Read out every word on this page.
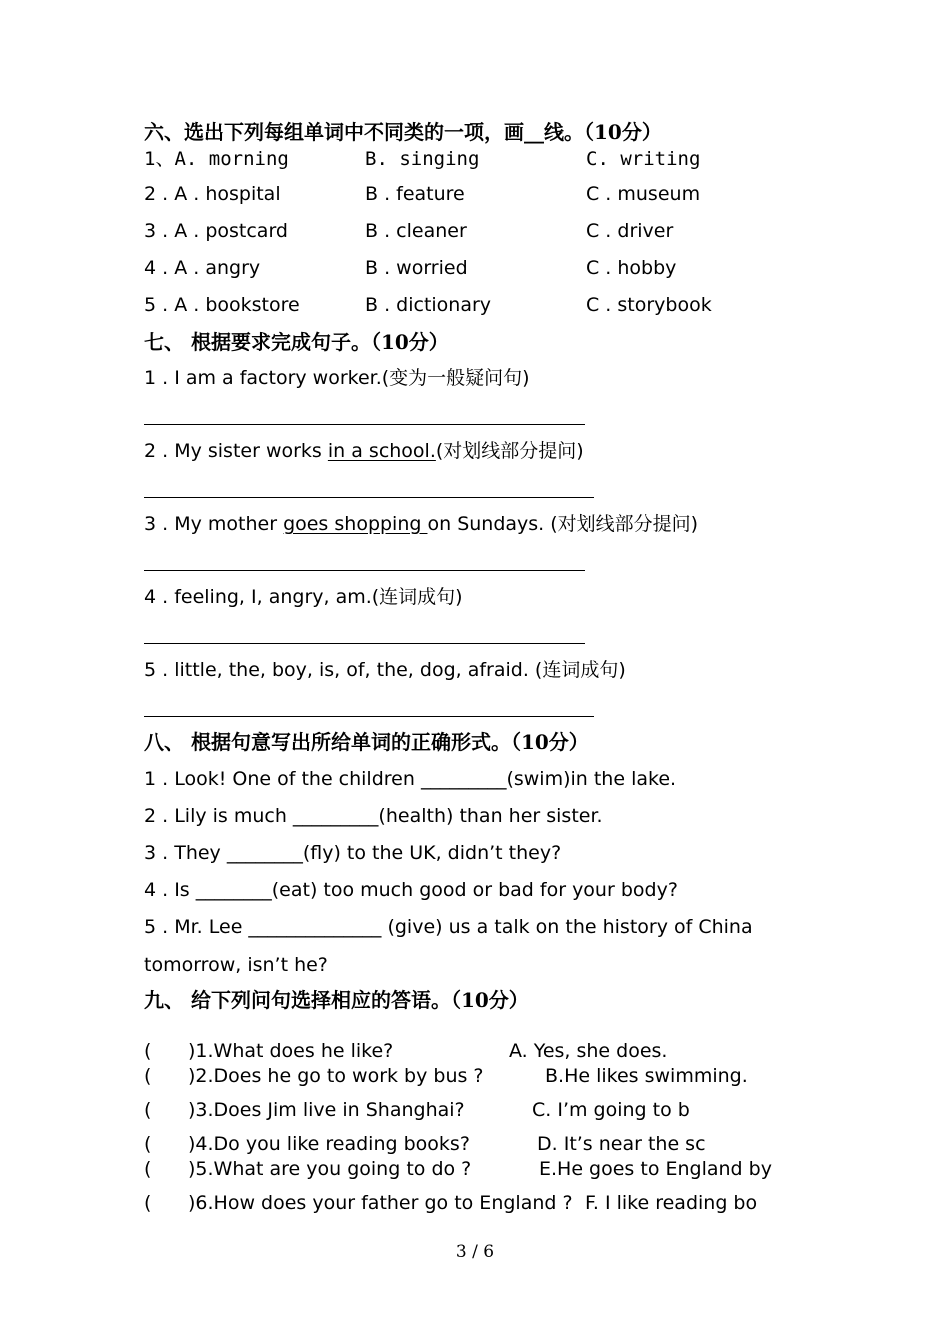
六、选出下列每组单词中不同类的一项，画__线。（10分）
1、A. morning	B. singing	C. writing
2 . A . hospital	B . feature	C . museum
3 . A . postcard	B . cleaner	C . driver
4 . A . angry	B . worried	C . hobby
5 . A . bookstore	B . dictionary	C . storybook
七、 根据要求完成句子。（10分）
1 . I am a factory worker.(变为一般疑问句)
2 . My sister works in a school.(对划线部分提问)
3 . My mother goes shopping on Sundays. (对划线部分提问)
4 . feeling, I, angry, am.(连词成句)
5 . little, the, boy, is, of, the, dog, afraid. (连词成句)
八、 根据句意写出所给单词的正确形式。（10分）
1 . Look! One of the children _________(swim)in the lake.
2 . Lily is much _________(health) than her sister.
3 . They ________(fly) to the UK, didn’t they?
4 . Is ________(eat) too much good or bad for your body?
5 . Mr. Lee ______________ (give) us a talk on the history of China
tomorrow, isn’t he?
九、 给下列问句选择相应的答语。（10分）
( )1.What does he like?	A. Yes, she does.
( )2.Does he go to work by bus ?	B.He likes swimming.
( )3.Does Jim live in Shanghai?	C. I’m going to b
( )4.Do you like reading books?	D. It’s near the sc
( )5.What are you going to do ?	E.He goes to England by
( )6.How does your father go to England ? F. I like reading bo
3 / 6
